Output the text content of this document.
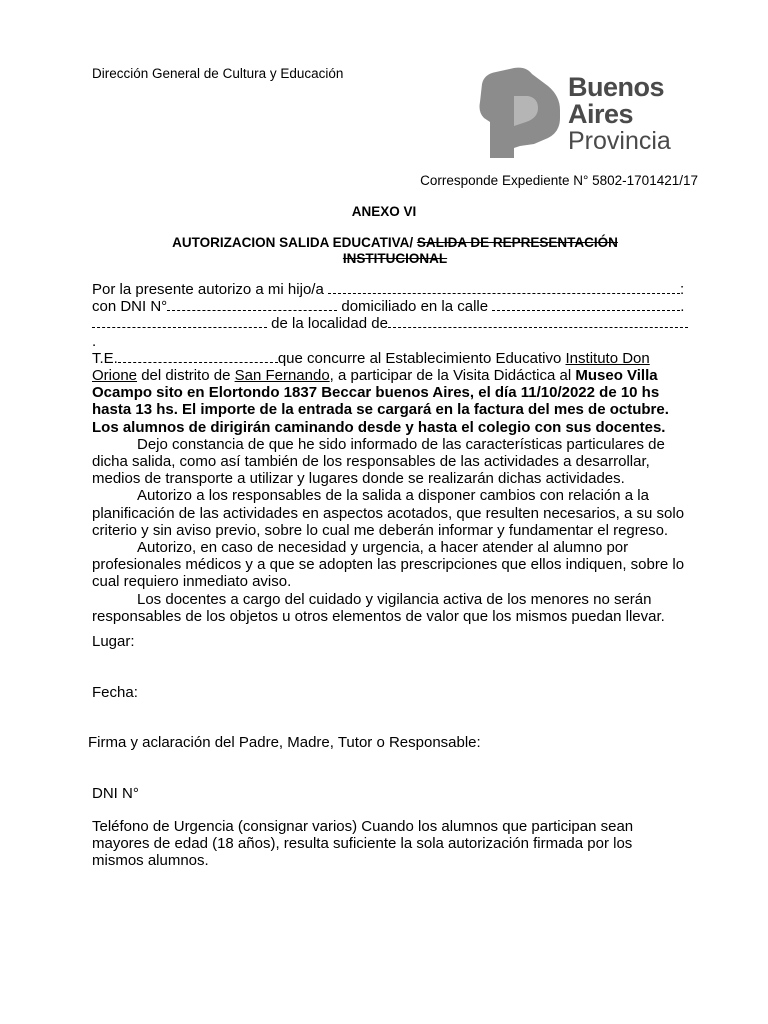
Dirección General de Cultura y Educación	Buenos
Aires
Provincia
Corresponde Expediente N° 5802-1701421/17
ANEXO VI
AUTORIZACION SALIDA EDUCATIVA/ SALIDA DE REPRESENTACIÓN INSTITUCIONAL

Por la presente autorizo a mi hijo/a	:

con DNI N°	domiciliado en la calle	.

de la localidad de.

T.E.	que concurre al Establecimiento Educativo Instituto Don Orione del distrito de San Fernando, a participar de la Visita Didáctica al Museo Villa Ocampo sito en Elortondo 1837 Beccar buenos Aires, el día 11/10/2022 de 10 hs hasta 13 hs. El importe de la entrada se cargará en la factura del mes de octubre. Los alumnos de dirigirán caminando desde y hasta el colegio con sus docentes.

Dejo constancia de que he sido informado de las características particulares de dicha salida, como así también de los responsables de las actividades a desarrollar, medios de transporte a utilizar y lugares donde se realizarán dichas actividades.

Autorizo a los responsables de la salida a disponer cambios con relación a la planificación de las actividades en aspectos acotados, que resulten necesarios, a su solo criterio y sin aviso previo, sobre lo cual me deberán informar y fundamentar el regreso.

Autorizo, en caso de necesidad y urgencia, a hacer atender al alumno por profesionales médicos y a que se adopten las prescripciones que ellos indiquen, sobre lo cual requiero inmediato aviso.

Los docentes a cargo del cuidado y vigilancia activa de los menores no serán responsables de los objetos u otros elementos de valor que los mismos puedan llevar.

Lugar:
Fecha:
Firma y aclaración del Padre, Madre, Tutor o Responsable:
DNI N°
Teléfono de Urgencia (consignar varios) Cuando los alumnos que participan sean mayores de edad (18 años), resulta suficiente la sola autorización firmada por los mismos alumnos.
